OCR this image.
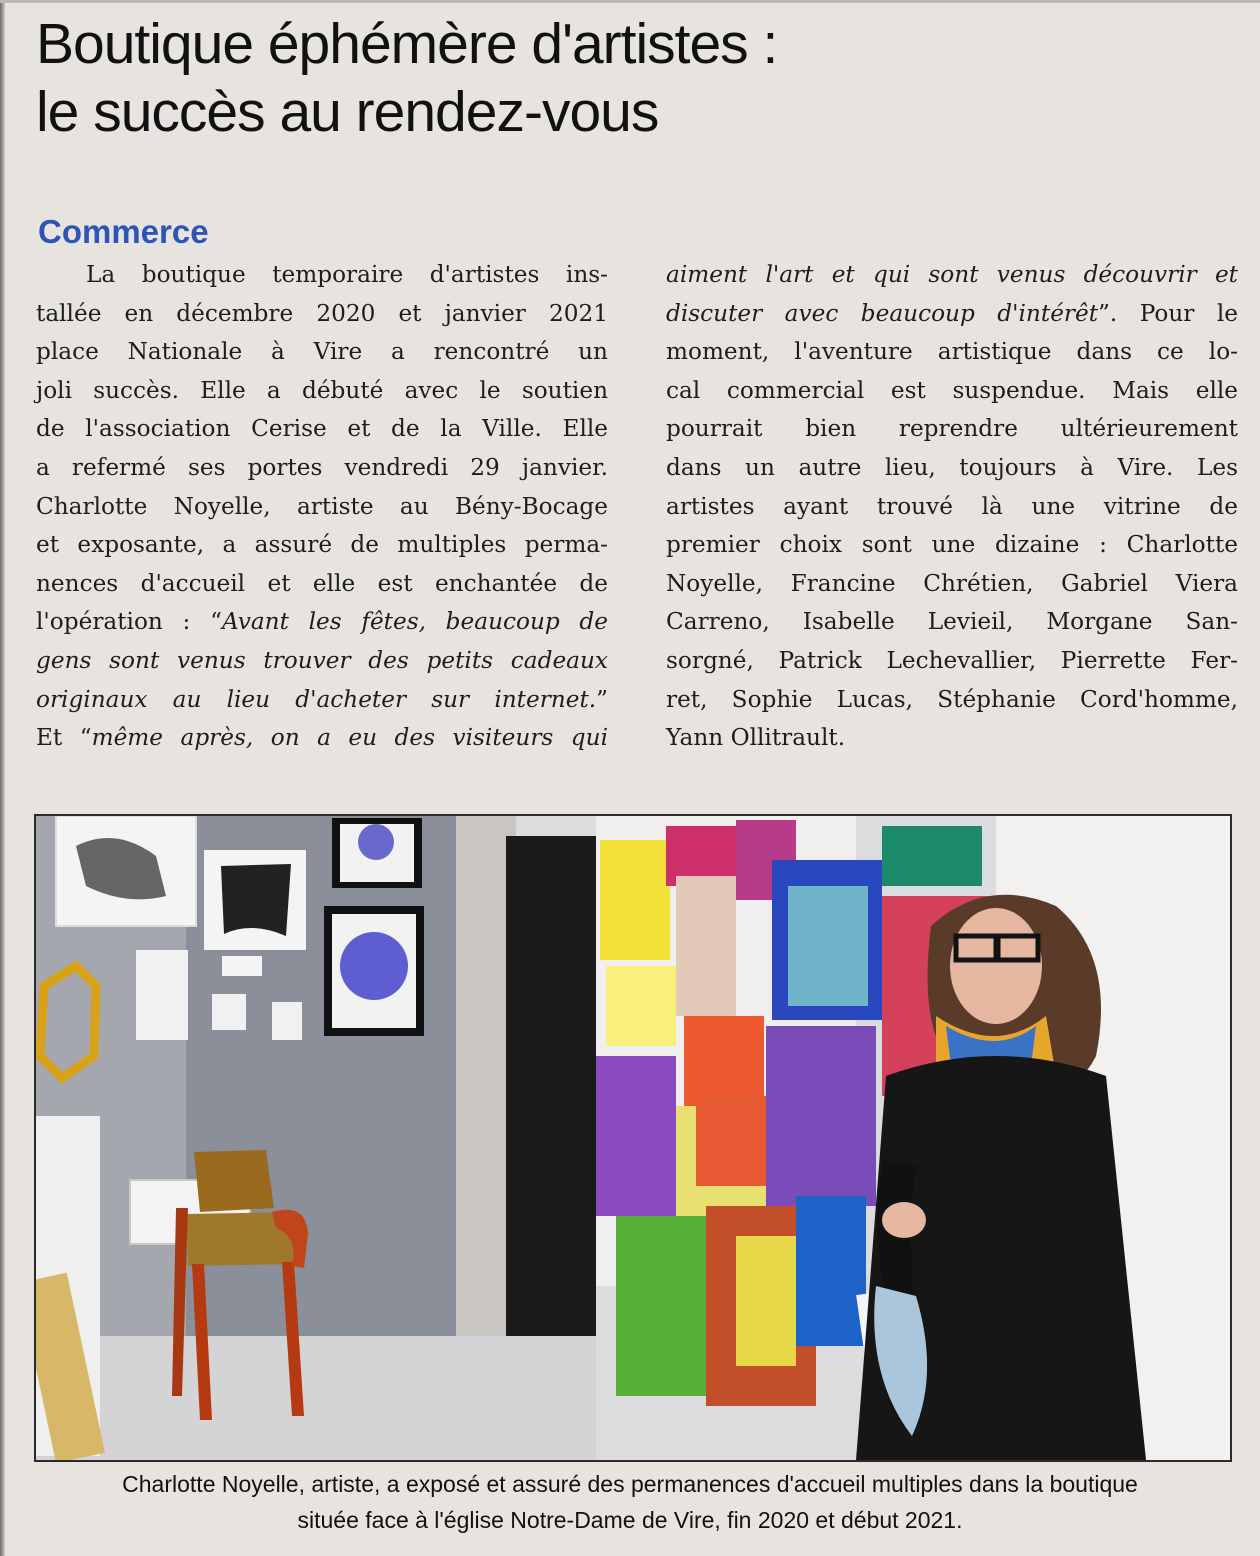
Boutique éphémère d'artistes :
le succès au rendez-vous
Commerce
La boutique temporaire d'artistes ins-
tallée en décembre 2020 et janvier 2021
place Nationale à Vire a rencontré un
joli succès. Elle a débuté avec le soutien
de l'association Cerise et de la Ville. Elle
a refermé ses portes vendredi 29 janvier.
Charlotte Noyelle, artiste au Bény-Bocage
et exposante, a assuré de multiples perma-
nences d'accueil et elle est enchantée de
l'opération : “Avant les fêtes, beaucoup de
gens sont venus trouver des petits cadeaux
originaux au lieu d'acheter sur internet.”
Et “même après, on a eu des visiteurs qui
aiment l'art et qui sont venus découvrir et
discuter avec beaucoup d'intérêt”. Pour le
moment, l'aventure artistique dans ce lo-
cal commercial est suspendue. Mais elle
pourrait bien reprendre ultérieurement
dans un autre lieu, toujours à Vire. Les
artistes ayant trouvé là une vitrine de
premier choix sont une dizaine : Charlotte
Noyelle, Francine Chrétien, Gabriel Viera
Carreno, Isabelle Levieil, Morgane San-
sorgné, Patrick Lechevallier, Pierrette Fer-
ret, Sophie Lucas, Stéphanie Cord'homme,
Yann Ollitrault.
Charlotte Noyelle, artiste, a exposé et assuré des permanences d'accueil multiples dans la boutique
située face à l'église Notre-Dame de Vire, fin 2020 et début 2021.
